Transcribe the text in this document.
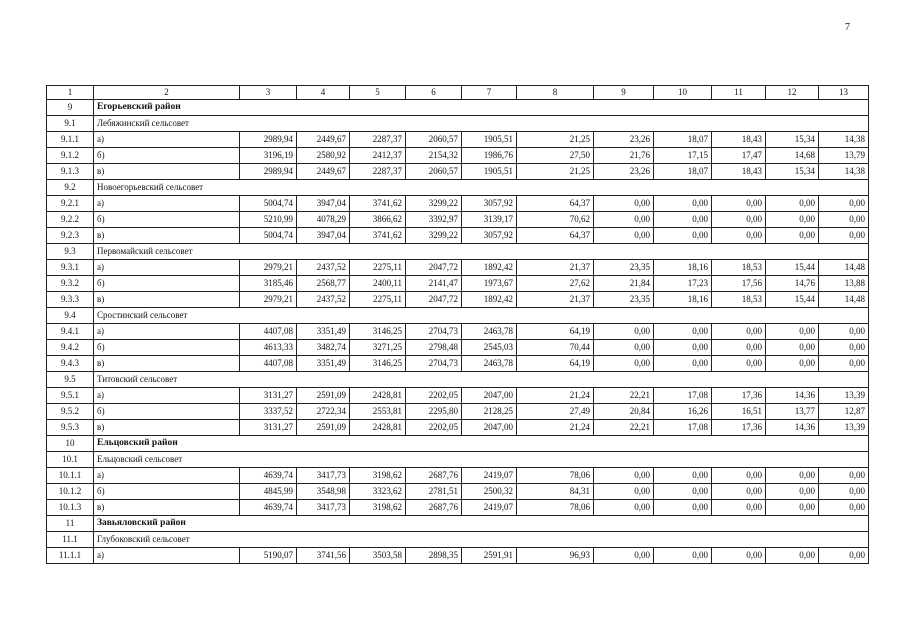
7
1	2	3	4	5	6	7	8	9	10	11	12	13
9	Егорьевский район											
9.1	Лебяжинский сельсовет											
9.1.1	а)	2989,94	2449,67	2287,37	2060,57	1905,51	21,25	23,26	18,07	18,43	15,34	14,38
9.1.2	б)	3196,19	2580,92	2412,37	2154,32	1986,76	27,50	21,76	17,15	17,47	14,68	13,79
9.1.3	в)	2989,94	2449,67	2287,37	2060,57	1905,51	21,25	23,26	18,07	18,43	15,34	14,38
9.2	Новоегорьевский сельсовет											
9.2.1	а)	5004,74	3947,04	3741,62	3299,22	3057,92	64,37	0,00	0,00	0,00	0,00	0,00
9.2.2	б)	5210,99	4078,29	3866,62	3392,97	3139,17	70,62	0,00	0,00	0,00	0,00	0,00
9.2.3	в)	5004,74	3947,04	3741,62	3299,22	3057,92	64,37	0,00	0,00	0,00	0,00	0,00
9.3	Первомайский сельсовет											
9.3.1	а)	2979,21	2437,52	2275,11	2047,72	1892,42	21,37	23,35	18,16	18,53	15,44	14,48
9.3.2	б)	3185,46	2568,77	2400,11	2141,47	1973,67	27,62	21,84	17,23	17,56	14,76	13,88
9.3.3	в)	2979,21	2437,52	2275,11	2047,72	1892,42	21,37	23,35	18,16	18,53	15,44	14,48
9.4	Сростинский сельсовет											
9.4.1	а)	4407,08	3351,49	3146,25	2704,73	2463,78	64,19	0,00	0,00	0,00	0,00	0,00
9.4.2	б)	4613,33	3482,74	3271,25	2798,48	2545,03	70,44	0,00	0,00	0,00	0,00	0,00
9.4.3	в)	4407,08	3351,49	3146,25	2704,73	2463,78	64,19	0,00	0,00	0,00	0,00	0,00
9.5	Титовский сельсовет											
9.5.1	а)	3131,27	2591,09	2428,81	2202,05	2047,00	21,24	22,21	17,08	17,36	14,36	13,39
9.5.2	б)	3337,52	2722,34	2553,81	2295,80	2128,25	27,49	20,84	16,26	16,51	13,77	12,87
9.5.3	в)	3131,27	2591,09	2428,81	2202,05	2047,00	21,24	22,21	17,08	17,36	14,36	13,39
10	Ельцовский район											
10.1	Ельцовский сельсовет											
10.1.1	а)	4639,74	3417,73	3198,62	2687,76	2419,07	78,06	0,00	0,00	0,00	0,00	0,00
10.1.2	б)	4845,99	3548,98	3323,62	2781,51	2500,32	84,31	0,00	0,00	0,00	0,00	0,00
10.1.3	в)	4639,74	3417,73	3198,62	2687,76	2419,07	78,06	0,00	0,00	0,00	0,00	0,00
11	Завьяловский район											
11.1	Глубоковский сельсовет											
11.1.1	а)	5190,07	3741,56	3503,58	2898,35	2591,91	96,93	0,00	0,00	0,00	0,00	0,00
